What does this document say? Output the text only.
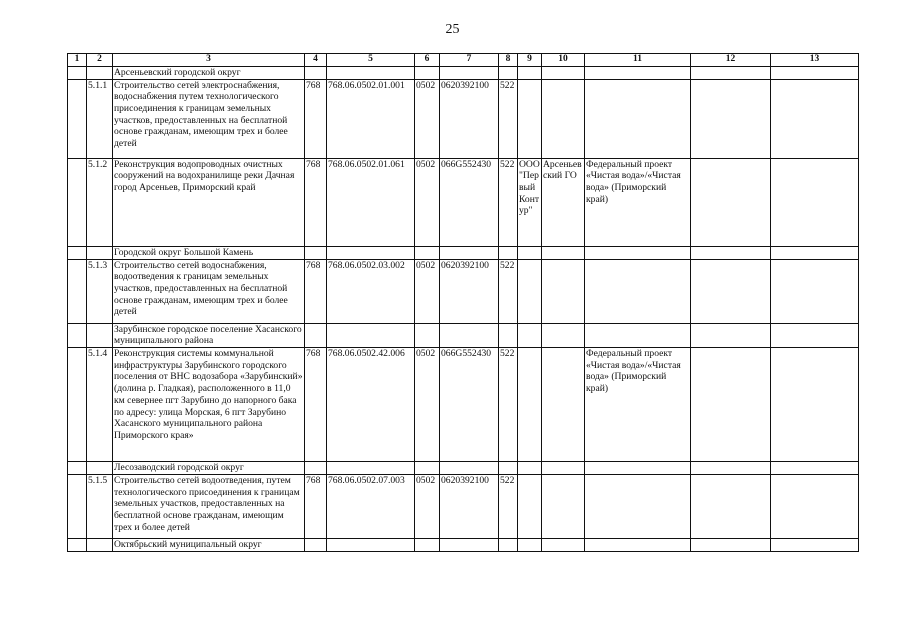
25
1	2	3	4	5	6	7	8	9	10	11	12	13
		Арсеньевский городской округ										
	5.1.1	Строительство сетей электроснабжения, водоснабжения путем технологического присоединения к границам земельных участков, предоставленных на бесплатной основе гражданам, имеющим трех и более детей	768	768.06.0502.01.001	0502	0620392100	522					
	5.1.2	Реконструкция водопроводных очистных сооружений на водохранилище реки Дачная город Арсеньев, Приморский край	768	768.06.0502.01.061	0502	066G552430	522	ООО "Первый Контур"	Арсеньевский ГО	Федеральный проект «Чистая вода»/«Чистая вода» (Приморский край)		
		Городской округ Большой Камень										
	5.1.3	Строительство сетей водоснабжения, водоотведения к границам земельных участков, предоставленных на бесплатной основе гражданам, имеющим трех и более детей	768	768.06.0502.03.002	0502	0620392100	522					
		Зарубинское городское поселение Хасанского муниципального района										
	5.1.4	Реконструкция системы коммунальной инфраструктуры Зарубинского городского поселения от ВНС водозабора «Зарубинский» (долина р. Гладкая), расположенного в 11,0 км севернее пгт Зарубино до напорного бака по адресу: улица Морская, 6 пгт Зарубино Хасанского муниципального района Приморского края»	768	768.06.0502.42.006	0502	066G552430	522			Федеральный проект «Чистая вода»/«Чистая вода» (Приморский край)		
		Лесозаводский городской округ										
	5.1.5	Строительство сетей водоотведения, путем технологического присоединения к границам земельных участков, предоставленных на бесплатной основе гражданам, имеющим трех и более детей	768	768.06.0502.07.003	0502	0620392100	522					
		Октябрьский муниципальный округ										
